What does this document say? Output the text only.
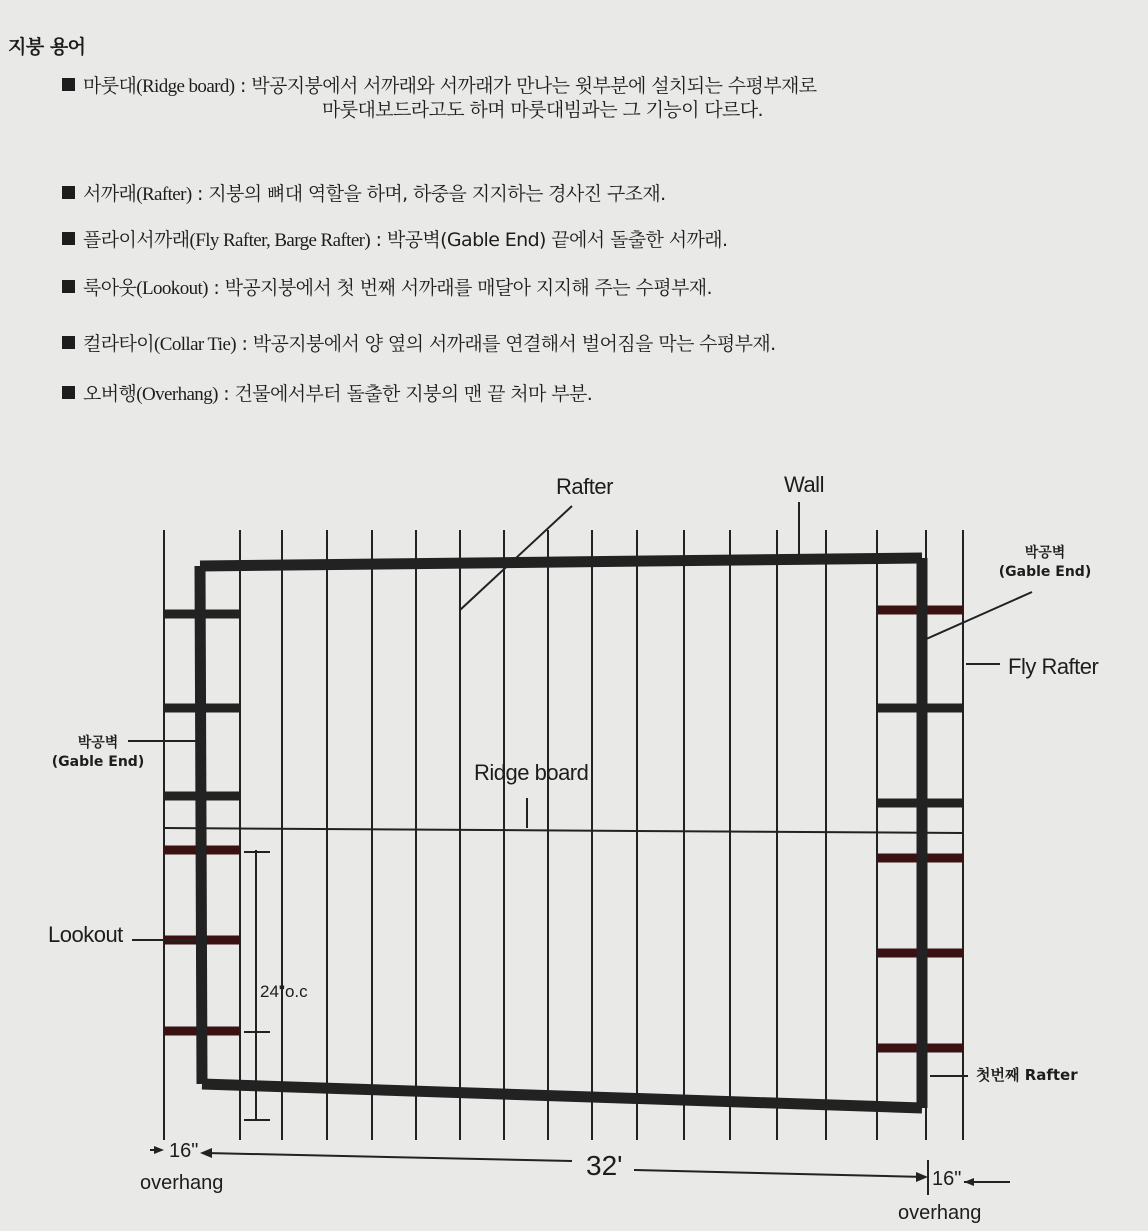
지붕 용어
마룻대(Ridge board) : 박공지붕에서 서까래와 서까래가 만나는 윗부분에 설치되는 수평부재로
마룻대보드라고도 하며 마룻대빔과는 그 기능이 다르다.
서까래(Rafter) : 지붕의 뼈대 역할을 하며, 하중을 지지하는 경사진 구조재.
플라이서까래(Fly Rafter, Barge Rafter) : 박공벽(Gable End) 끝에서 돌출한 서까래.
룩아웃(Lookout) : 박공지붕에서 첫 번째 서까래를 매달아 지지해 주는 수평부재.
컬라타이(Collar Tie) : 박공지붕에서 양 옆의 서까래를 연결해서 벌어짐을 막는 수평부재.
오버행(Overhang) : 건물에서부터 돌출한 지붕의 맨 끝 처마 부분.
Rafter	Wall
박공벽
(Gable End)
Fly Rafter
박공벽
(Gable End)	Ridge board
Lookout
24"o.c
첫번째 Rafter
16"
overhang
32'	16"
overhang
